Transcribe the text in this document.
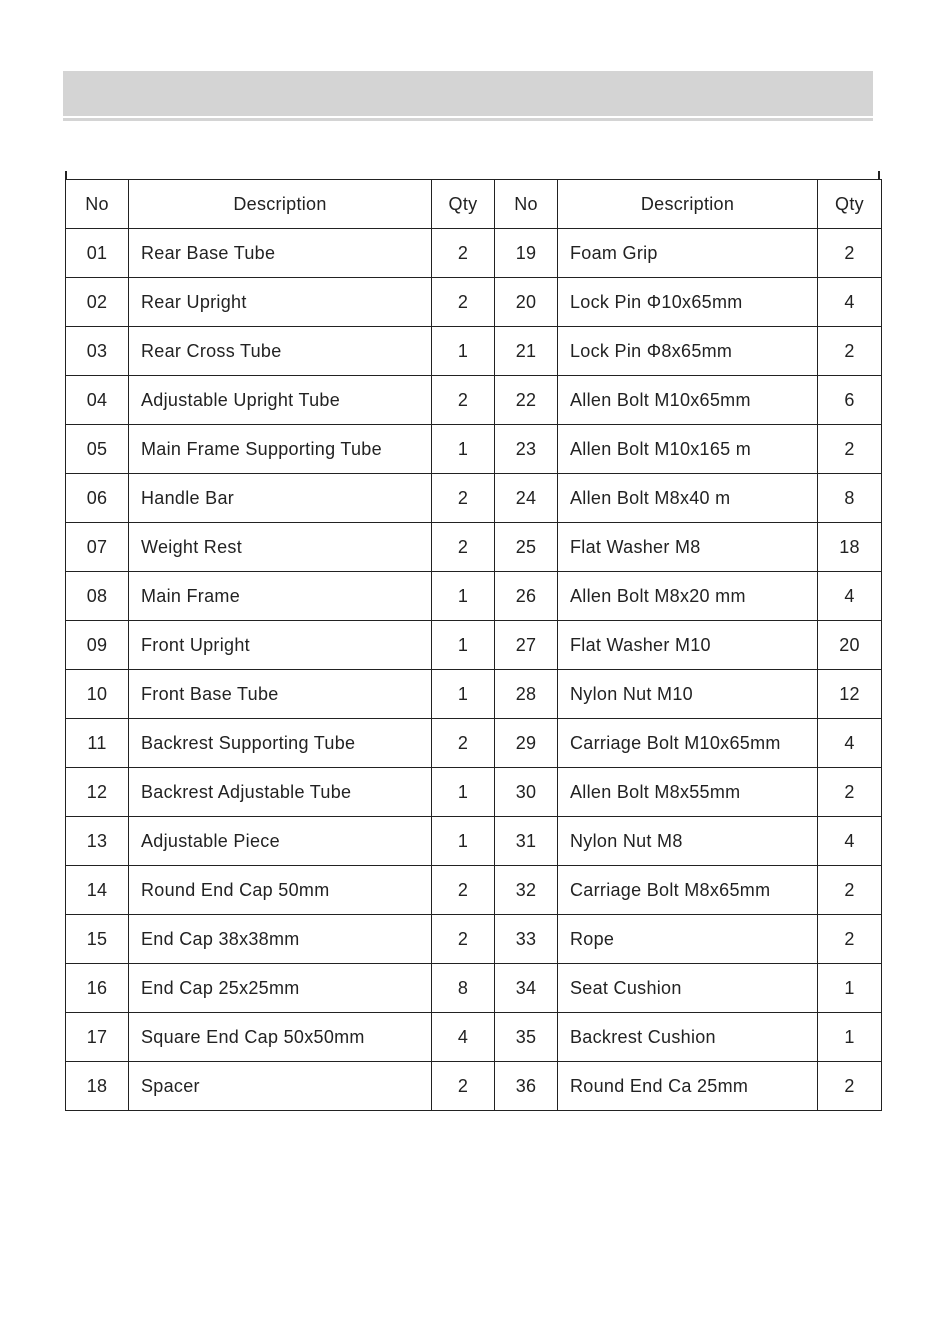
No	Description	Qty	No	Description	Qty
01	Rear Base Tube	2	19	Foam Grip	2
02	Rear Upright	2	20	Lock Pin Φ10x65mm	4
03	Rear Cross Tube	1	21	Lock Pin Φ8x65mm	2
04	Adjustable Upright Tube	2	22	Allen Bolt M10x65mm	6
05	Main Frame Supporting Tube	1	23	Allen Bolt M10x165 m	2
06	Handle Bar	2	24	Allen Bolt M8x40 m	8
07	Weight Rest	2	25	Flat Washer M8	18
08	Main Frame	1	26	Allen Bolt M8x20 mm	4
09	Front Upright	1	27	Flat Washer M10	20
10	Front Base Tube	1	28	Nylon Nut M10	12
11	Backrest Supporting Tube	2	29	Carriage Bolt M10x65mm	4
12	Backrest Adjustable Tube	1	30	Allen Bolt M8x55mm	2
13	Adjustable Piece	1	31	Nylon Nut M8	4
14	Round End Cap 50mm	2	32	Carriage Bolt M8x65mm	2
15	End Cap 38x38mm	2	33	Rope	2
16	End Cap 25x25mm	8	34	Seat Cushion	1
17	Square End Cap 50x50mm	4	35	Backrest Cushion	1
18	Spacer	2	36	Round End Ca 25mm	2
